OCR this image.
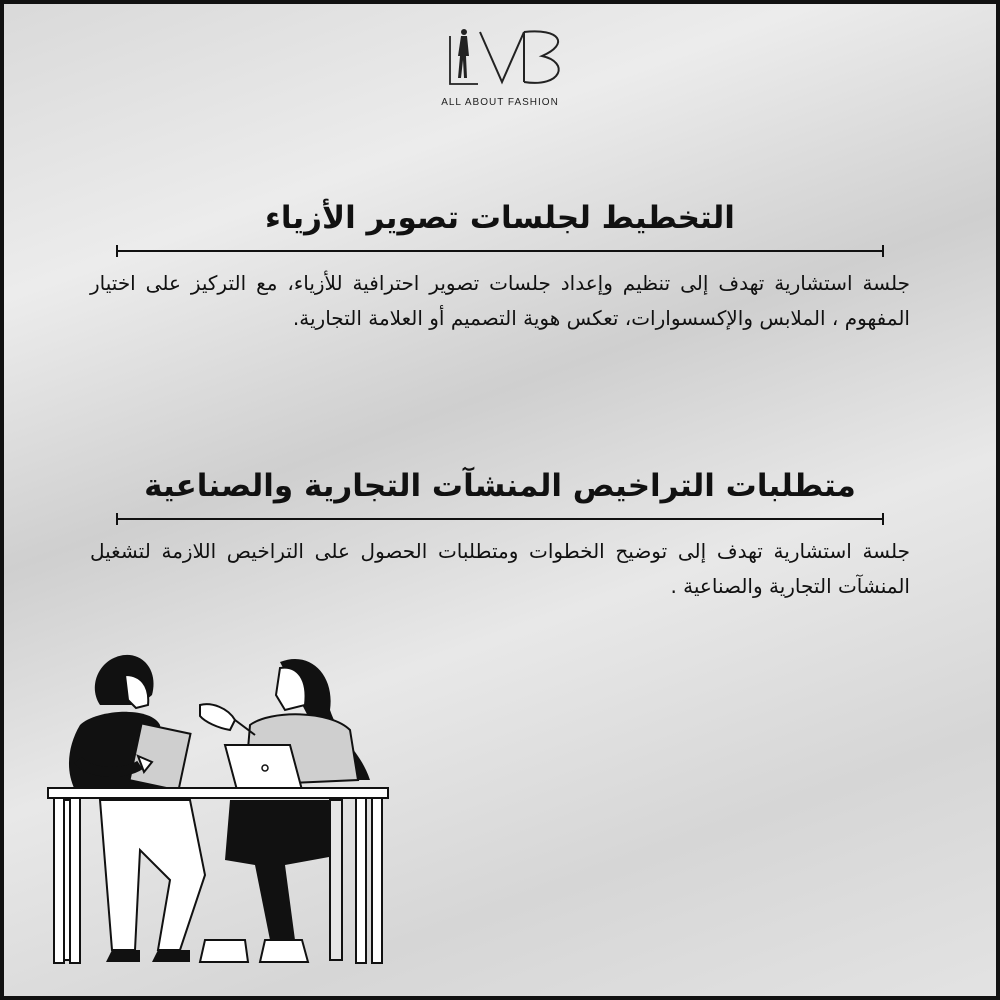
ALL ABOUT FASHION
التخطيط لجلسات تصوير الأزياء

جلسة استشارية تهدف إلى تنظيم وإعداد جلسات تصوير احترافية للأزياء، مع التركيز على اختيار المفهوم ، الملابس والإكسسوارات، تعكس هوية التصميم أو العلامة التجارية.

متطلبات التراخيص المنشآت التجارية والصناعية

جلسة استشارية تهدف إلى توضيح الخطوات ومتطلبات الحصول على التراخيص اللازمة لتشغيل المنشآت التجارية والصناعية .
